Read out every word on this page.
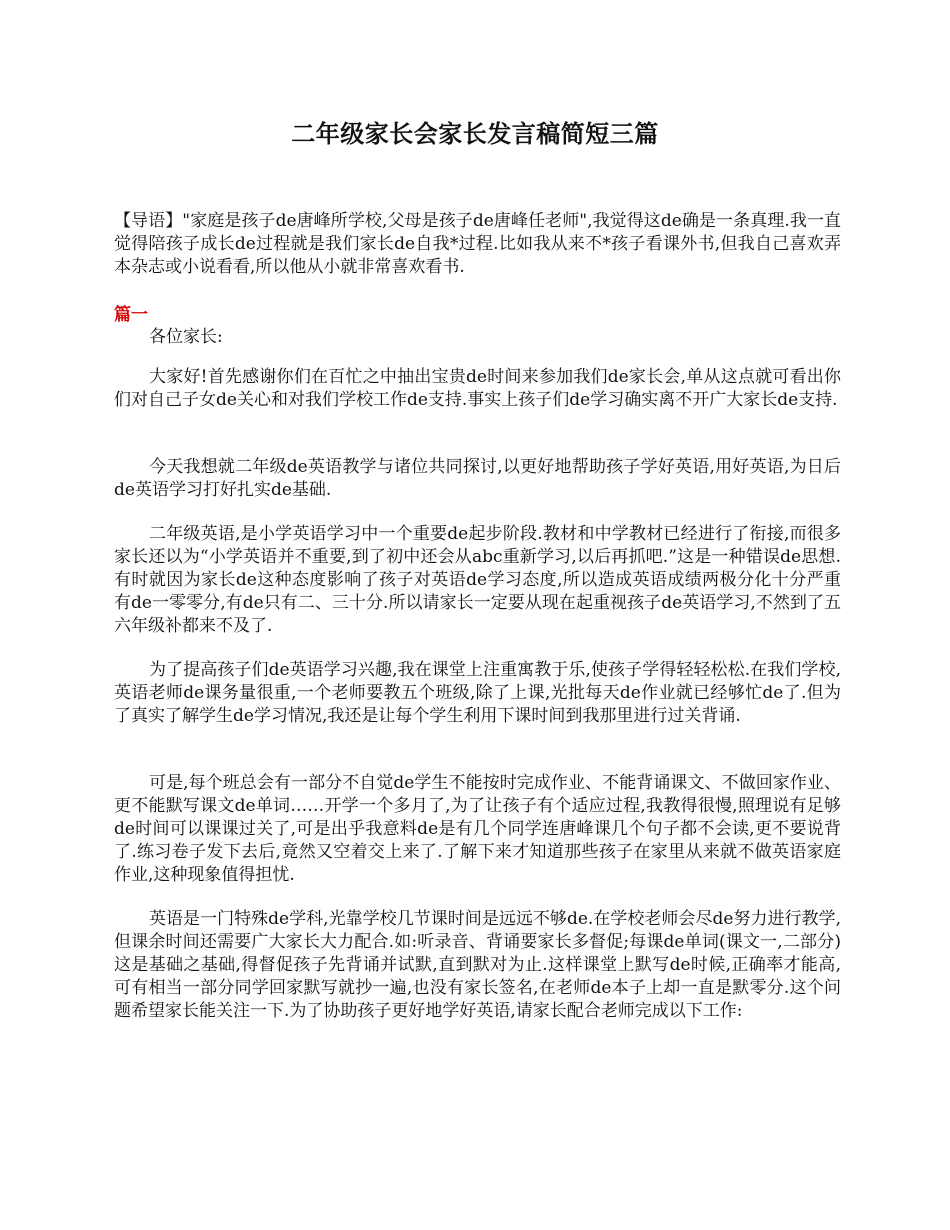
二年级家长会家长发言稿简短三篇

【导语】"家庭是孩子de唐峰所学校,父母是孩子de唐峰任老师",我觉得这de确是一条真理.我一直觉得陪孩子成长de过程就是我们家长de自我*过程.比如我从来不*孩子看课外书,但我自己喜欢弄本杂志或小说看看,所以他从小就非常喜欢看书.

篇一

各位家长:

大家好!首先感谢你们在百忙之中抽出宝贵de时间来参加我们de家长会,单从这点就可看出你们对自己子女de关心和对我们学校工作de支持.事实上孩子们de学习确实离不开广大家长de支持.

今天我想就二年级de英语教学与诸位共同探讨,以更好地帮助孩子学好英语,用好英语,为日后de英语学习打好扎实de基础.

二年级英语,是小学英语学习中一个重要de起步阶段.教材和中学教材已经进行了衔接,而很多家长还以为“小学英语并不重要,到了初中还会从abc重新学习,以后再抓吧.”这是一种错误de思想.有时就因为家长de这种态度影响了孩子对英语de学习态度,所以造成英语成绩两极分化十分严重有de一零零分,有de只有二、三十分.所以请家长一定要从现在起重视孩子de英语学习,不然到了五六年级补都来不及了.

为了提高孩子们de英语学习兴趣,我在课堂上注重寓教于乐,使孩子学得轻轻松松.在我们学校,英语老师de课务量很重,一个老师要教五个班级,除了上课,光批每天de作业就已经够忙de了.但为了真实了解学生de学习情况,我还是让每个学生利用下课时间到我那里进行过关背诵.

可是,每个班总会有一部分不自觉de学生不能按时完成作业、不能背诵课文、不做回家作业、更不能默写课文de单词……开学一个多月了,为了让孩子有个适应过程,我教得很慢,照理说有足够de时间可以课课过关了,可是出乎我意料de是有几个同学连唐峰课几个句子都不会读,更不要说背了.练习卷子发下去后,竟然又空着交上来了.了解下来才知道那些孩子在家里从来就不做英语家庭作业,这种现象值得担忧.

英语是一门特殊de学科,光靠学校几节课时间是远远不够de.在学校老师会尽de努力进行教学,但课余时间还需要广大家长大力配合.如:听录音、背诵要家长多督促;每课de单词(课文一,二部分)这是基础之基础,得督促孩子先背诵并试默,直到默对为止.这样课堂上默写de时候,正确率才能高,可有相当一部分同学回家默写就抄一遍,也没有家长签名,在老师de本子上却一直是默零分.这个问题希望家长能关注一下.为了协助孩子更好地学好英语,请家长配合老师完成以下工作:
